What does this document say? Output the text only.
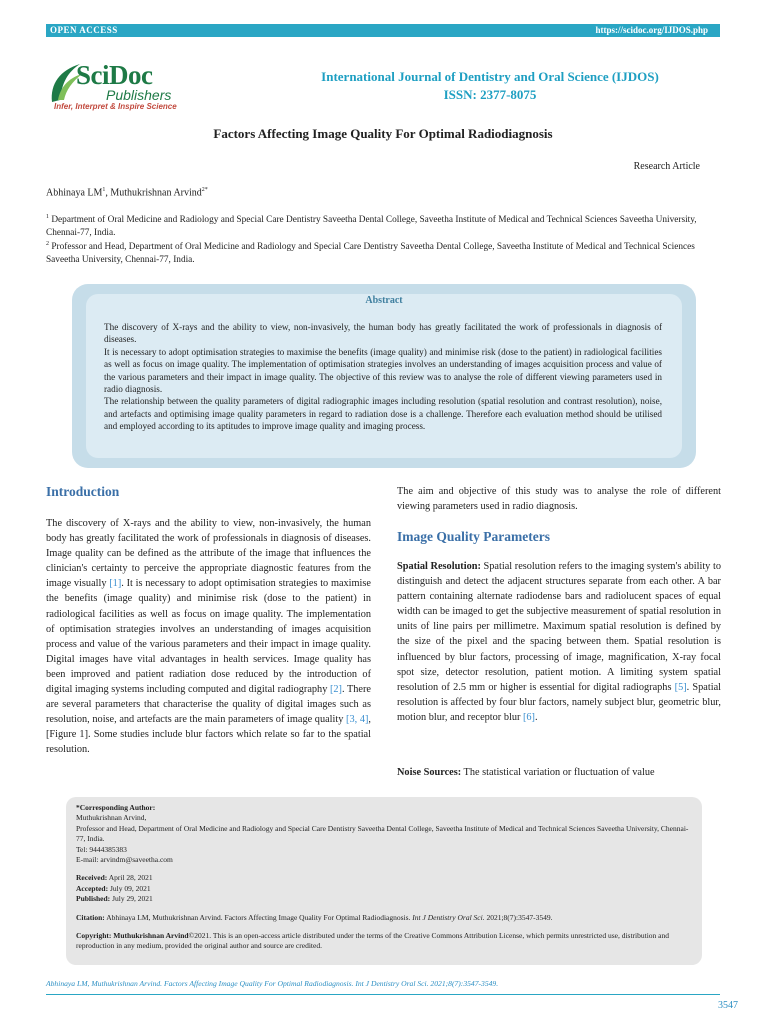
OPEN ACCESS	https://scidoc.org/IJDOS.php
SciDoc
Publishers
Infer, Interpret & Inspire Science
International Journal of Dentistry and Oral Science (IJDOS)
ISSN: 2377-8075
Factors Affecting Image Quality For Optimal Radiodiagnosis
Research Article
Abhinaya $LM^1$, Muthukrishnan Arvind$^{2*}$
$^1$ Department of Oral Medicine and Radiology and Special Care Dentistry Saveetha Dental College, Saveetha Institute of Medical and Technical Sciences Saveetha University, Chennai-77, India.
$^2$ Professor and Head, Department of Oral Medicine and Radiology and Special Care Dentistry Saveetha Dental College, Saveetha Institute of Medical and Technical Sciences Saveetha University, Chennai-77, India.
Abstract

The discovery of X-rays and the ability to view, non-invasively, the human body has greatly facilitated the work of professionals in diagnosis of diseases.

It is necessary to adopt optimisation strategies to maximise the benefits (image quality) and minimise risk (dose to the patient) in radiological facilities as well as focus on image quality. The implementation of optimisation strategies involves an understanding of images acquisition process and value of the various parameters and their impact in image quality. The objective of this review was to analyse the role of different viewing parameters used in radio diagnosis.

The relationship between the quality parameters of digital radiographic images including resolution (spatial resolution and contrast resolution), noise, and artefacts and optimising image quality parameters in regard to radiation dose is a challenge. Therefore each evaluation method should be utilised and employed according to its aptitudes to improve image quality and imaging process.

Introduction

The discovery of X-rays and the ability to view, non-invasively, the human body has greatly facilitated the work of professionals in diagnosis of diseases. Image quality can be defined as the attribute of the image that influences the clinician's certainty to perceive the appropriate diagnostic features from the image visually [1]. It is necessary to adopt optimisation strategies to maximise the benefits (image quality) and minimise risk (dose to the patient) in radiological facilities as well as focus on image quality. The implementation of optimisation strategies involves an understanding of images acquisition process and value of the various parameters and their impact in image quality. Digital images have vital advantages in health services. Image quality has been improved and patient radiation dose reduced by the introduction of digital imaging systems including computed and digital radiography [2]. There are several parameters that characterise the quality of digital images such as resolution, noise, and artefacts are the main parameters of image quality [3, 4], [Figure 1]. Some studies include blur factors which relate so far to the spatial resolution.

The aim and objective of this study was to analyse the role of different viewing parameters used in radio diagnosis.

Image Quality Parameters

Spatial Resolution: Spatial resolution refers to the imaging system's ability to distinguish and detect the adjacent structures separate from each other. A bar pattern containing alternate radiodense bars and radiolucent spaces of equal width can be imaged to get the subjective measurement of spatial resolution in units of line pairs per millimetre. Maximum spatial resolution is defined by the size of the pixel and the spacing between them. Spatial resolution is influenced by blur factors, processing of image, magnification, X-ray focal spot size, detector resolution, patient motion. A limiting system spatial resolution of 2.5 mm or higher is essential for digital radiographs [5]. Spatial resolution is affected by four blur factors, namely subject blur, geometric blur, motion blur, and receptor blur [6].

Noise Sources: The statistical variation or fluctuation of value

*Corresponding Author:

Muthukrishnan Arvind,

Professor and Head, Department of Oral Medicine and Radiology and Special Care Dentistry Saveetha Dental College, Saveetha Institute of Medical and Technical Sciences Saveetha University, Chennai-77, India.

Tel: 9444385383

E-mail: arvindm@saveetha.com

Received: April 28, 2021

Accepted: July 09, 2021

Published: July 29, 2021

Citation: Abhinaya LM, Muthukrishnan Arvind. Factors Affecting Image Quality For Optimal Radiodiagnosis. Int J Dentistry Oral Sci. 2021;8(7):3547-3549.

Copyright: Muthukrishnan Arvind©2021. This is an open-access article distributed under the terms of the Creative Commons Attribution License, which permits unrestricted use, distribution and reproduction in any medium, provided the original author and source are credited.

Abhinaya LM, Muthukrishnan Arvind. Factors Affecting Image Quality For Optimal Radiodiagnosis. Int J Dentistry Oral Sci. 2021;8(7):3547-3549.
3547
